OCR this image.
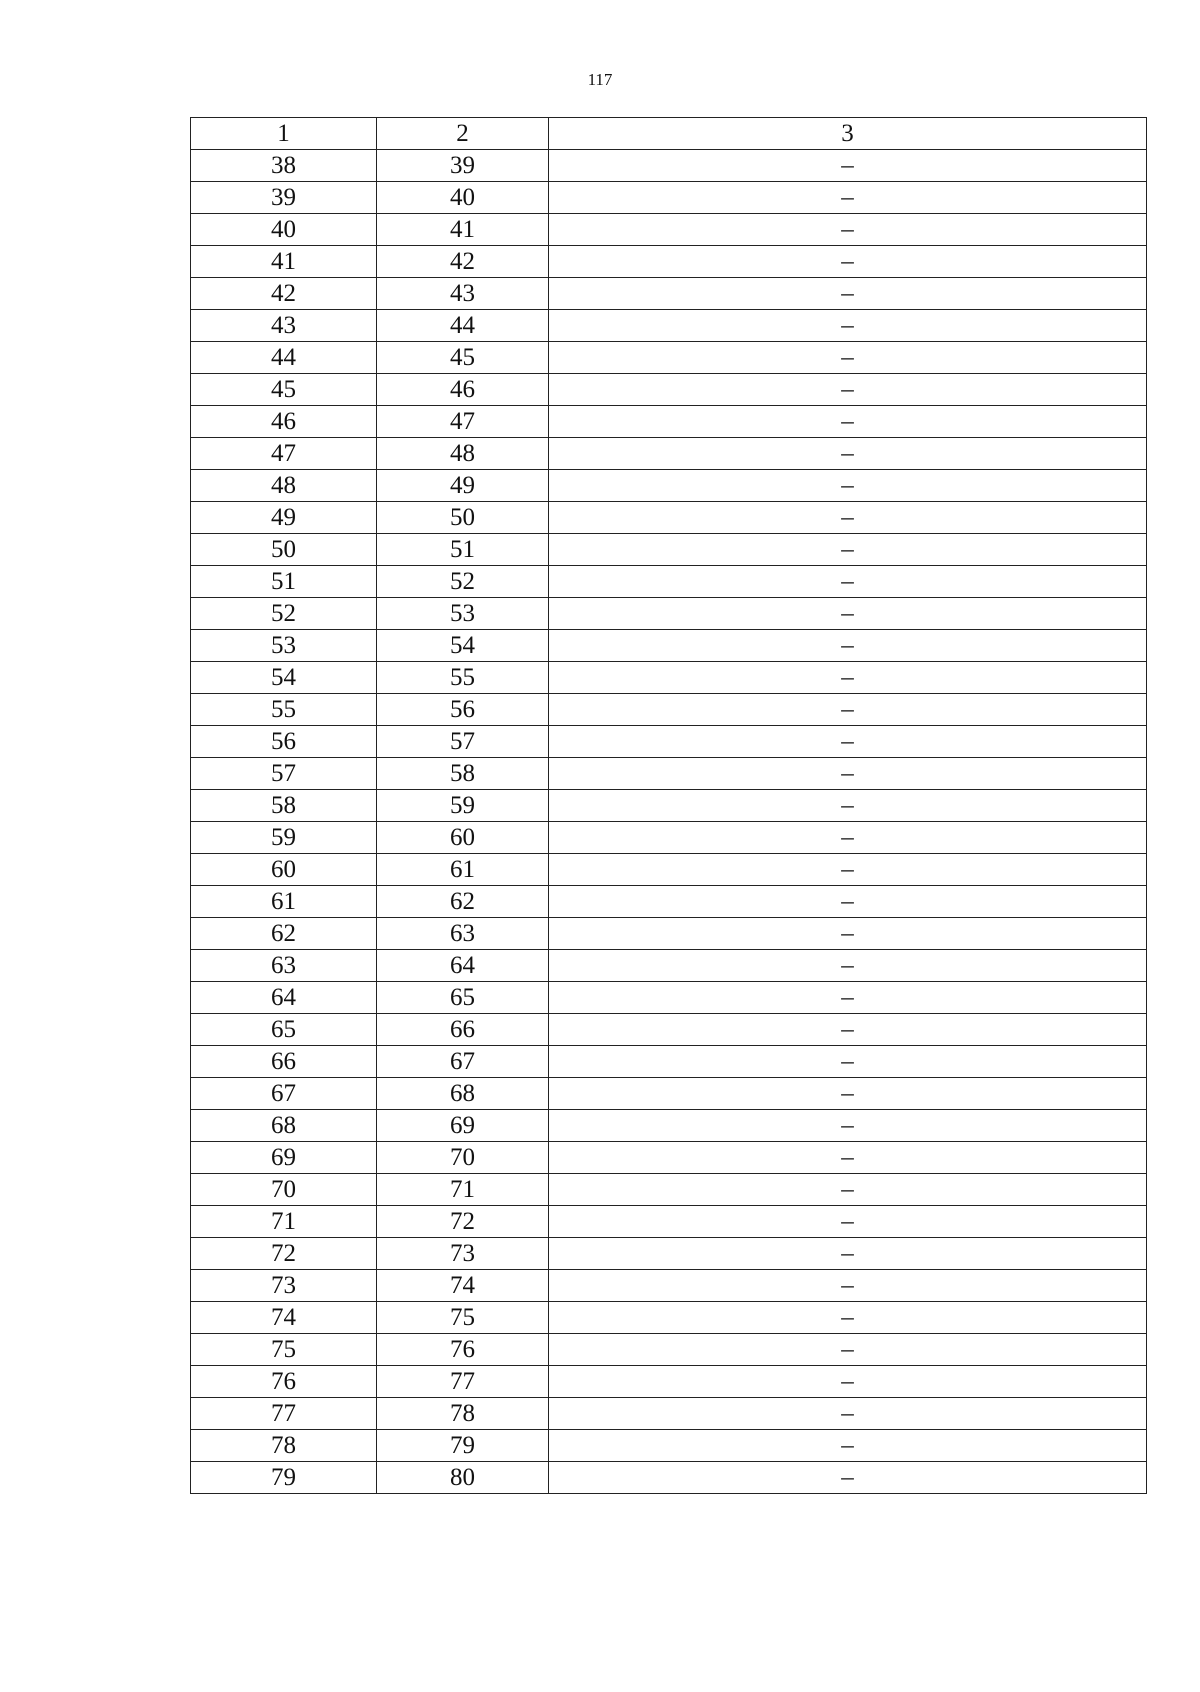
117
1	2	3
38	39	–
39	40	–
40	41	–
41	42	–
42	43	–
43	44	–
44	45	–
45	46	–
46	47	–
47	48	–
48	49	–
49	50	–
50	51	–
51	52	–
52	53	–
53	54	–
54	55	–
55	56	–
56	57	–
57	58	–
58	59	–
59	60	–
60	61	–
61	62	–
62	63	–
63	64	–
64	65	–
65	66	–
66	67	–
67	68	–
68	69	–
69	70	–
70	71	–
71	72	–
72	73	–
73	74	–
74	75	–
75	76	–
76	77	–
77	78	–
78	79	–
79	80	–
